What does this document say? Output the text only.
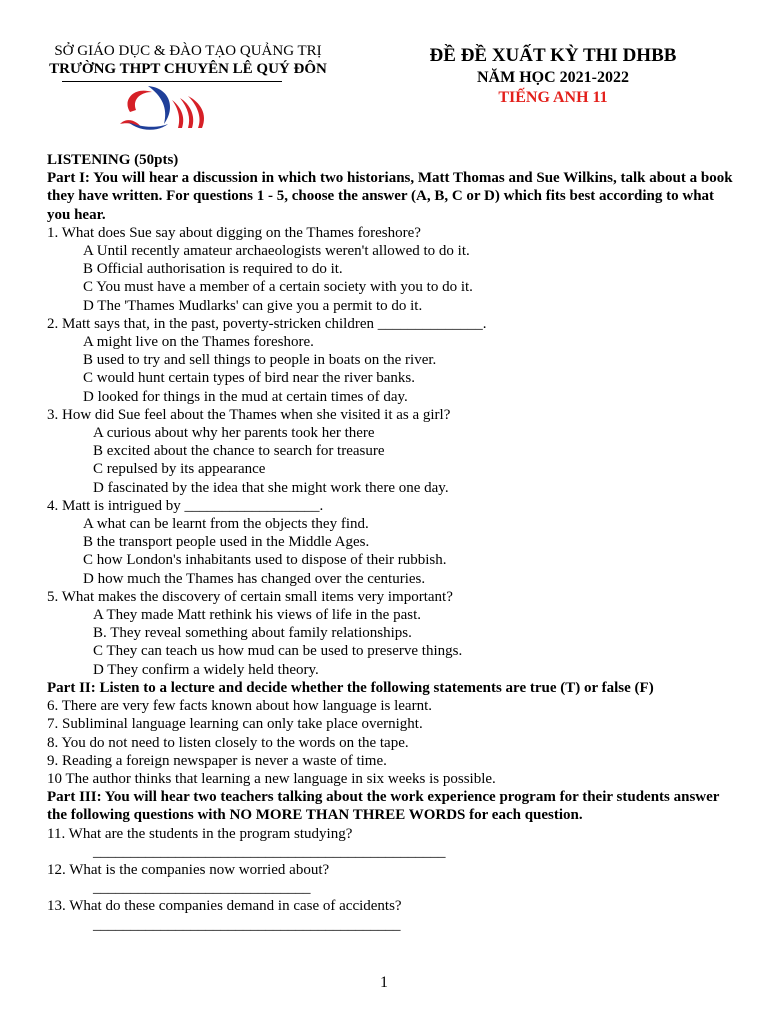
SỞ GIÁO DỤC & ĐÀO TẠO QUẢNG TRỊ
TRƯỜNG THPT CHUYÊN LÊ QUÝ ĐÔN
ĐỀ ĐỀ XUẤT KỲ THI DHBB
NĂM HỌC 2021-2022
TIẾNG ANH 11
LISTENING (50pts)
Part I: You will hear a discussion in which two historians, Matt Thomas and Sue Wilkins, talk about a book they have written. For questions 1 - 5, choose the answer (A, B, C or D) which fits best according to what you hear.
1. What does Sue say about digging on the Thames foreshore?
A Until recently amateur archaeologists weren't allowed to do it.
B Official authorisation is required to do it.
C You must have a member of a certain society with you to do it.
D The 'Thames Mudlarks' can give you a permit to do it.
2. Matt says that, in the past, poverty-stricken children ______________.
A might live on the Thames foreshore.
B used to try and sell things to people in boats on the river.
C would hunt certain types of bird near the river banks.
D looked for things in the mud at certain times of day.
3. How did Sue feel about the Thames when she visited it as a girl?
A curious about why her parents took her there
B excited about the chance to search for treasure
C repulsed by its appearance
D fascinated by the idea that she might work there one day.
4. Matt is intrigued by __________________.
A what can be learnt from the objects they find.
B the transport people used in the Middle Ages.
C how London's inhabitants used to dispose of their rubbish.
D how much the Thames has changed over the centuries.
5. What makes the discovery of certain small items very important?
A They made Matt rethink his views of life in the past.
B. They reveal something about family relationships.
C They can teach us how mud can be used to preserve things.
D They confirm a widely held theory.
Part II: Listen to a lecture and decide whether the following statements are true (T) or false (F)
6. There are very few facts known about how language is learnt.
7. Subliminal language learning can only take place overnight.
8. You do not need to listen closely to the words on the tape.
9. Reading a foreign newspaper is never a waste of time.
10 The author thinks that learning a new language in six weeks is possible.
Part III: You will hear two teachers talking about the work experience program for their students answer the following questions with NO MORE THAN THREE WORDS for each question.
11. What are the students in the program studying?
_______________________________________________
12. What is the companies now worried about?
_____________________________
13. What do these companies demand in case of accidents?
_________________________________________
1
